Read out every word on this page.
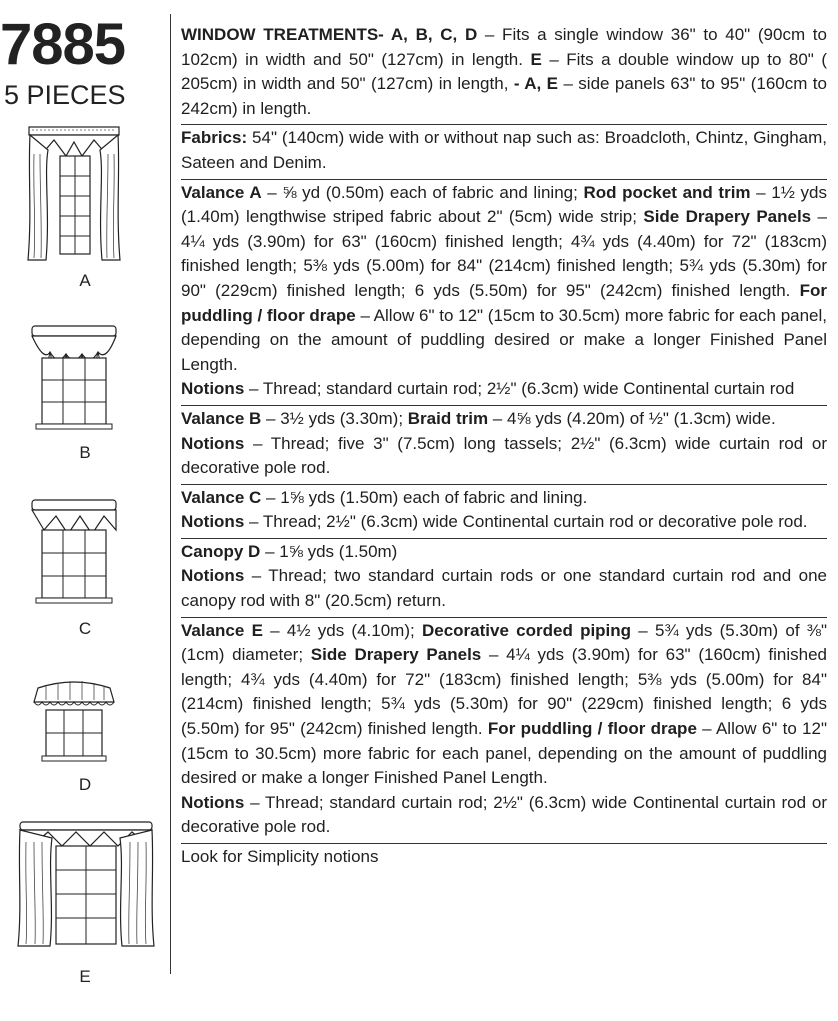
7885
5 PIECES
A
B
C
D
E

WINDOW TREATMENTS- A, B, C, D – Fits a single window 36" to 40" (90cm to 102cm) in width and 50" (127cm) in length. E – Fits a double window up to 80" ( 205cm) in width and 50" (127cm) in length, - A, E – side panels 63" to 95" (160cm to 242cm) in length.

Fabrics: 54" (140cm) wide with or without nap such as: Broadcloth, Chintz, Gingham, Sateen and Denim.

Valance A – ⅝ yd (0.50m) each of fabric and lining; Rod pocket and trim – 1½ yds (1.40m) lengthwise striped fabric about 2" (5cm) wide strip; Side Drapery Panels – 4¼ yds (3.90m) for 63" (160cm) finished length; 4¾ yds (4.40m) for 72" (183cm) finished length; 5⅜ yds (5.00m) for 84" (214cm) finished length; 5¾ yds (5.30m) for 90" (229cm) finished length; 6 yds (5.50m) for 95" (242cm) finished length. For puddling / floor drape – Allow 6" to 12" (15cm to 30.5cm) more fabric for each panel, depending on the amount of puddling desired or make a longer Finished Panel Length.

Notions – Thread; standard curtain rod; 2½" (6.3cm) wide Continental curtain rod

Valance B – 3½ yds (3.30m); Braid trim – 4⅝ yds (4.20m) of ½" (1.3cm) wide.

Notions – Thread; five 3" (7.5cm) long tassels; 2½" (6.3cm) wide curtain rod or decorative pole rod.

Valance C – 1⅝ yds (1.50m) each of fabric and lining.

Notions – Thread; 2½" (6.3cm) wide Continental curtain rod or decorative pole rod.

Canopy D – 1⅝ yds (1.50m)

Notions – Thread; two standard curtain rods or one standard curtain rod and one canopy rod with 8" (20.5cm) return.

Valance E – 4½ yds (4.10m); Decorative corded piping – 5¾ yds (5.30m) of ⅜" (1cm) diameter; Side Drapery Panels – 4¼ yds (3.90m) for 63" (160cm) finished length; 4¾ yds (4.40m) for 72" (183cm) finished length; 5⅜ yds (5.00m) for 84" (214cm) finished length; 5¾ yds (5.30m) for 90" (229cm) finished length; 6 yds (5.50m) for 95" (242cm) finished length. For puddling / floor drape – Allow 6" to 12" (15cm to 30.5cm) more fabric for each panel, depending on the amount of puddling desired or make a longer Finished Panel Length.

Notions – Thread; standard curtain rod; 2½" (6.3cm) wide Continental curtain rod or decorative pole rod.

Look for Simplicity notions
